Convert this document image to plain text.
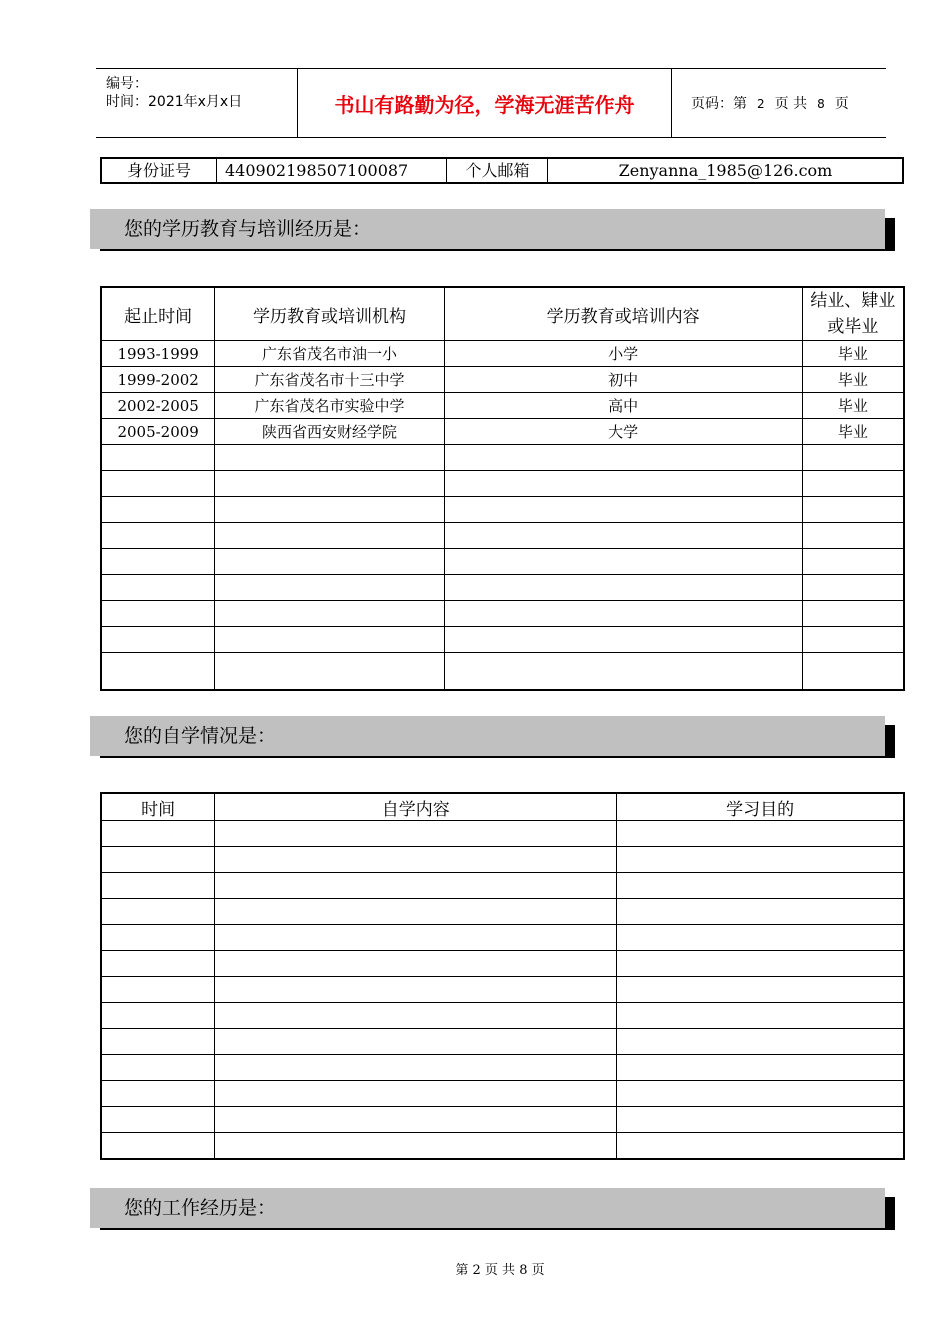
编号：
时间：2021年x月x日	书山有路勤为径，学海无涯苦作舟	页码：第 2 页 共 8 页
身份证号	440902198507100087	个人邮箱	Zenyanna_1985@126.com
您的学历教育与培训经历是：
起止时间	学历教育或培训机构	学历教育或培训内容	结业、肄业或毕业
1993-1999	广东省茂名市油一小	小学	毕业
1999-2002	广东省茂名市十三中学	初中	毕业
2002-2005	广东省茂名市实验中学	高中	毕业
2005-2009	陕西省西安财经学院	大学	毕业

您的自学情况是：
时间	自学内容	学习目的

您的工作经历是：
第 2 页 共 8 页
